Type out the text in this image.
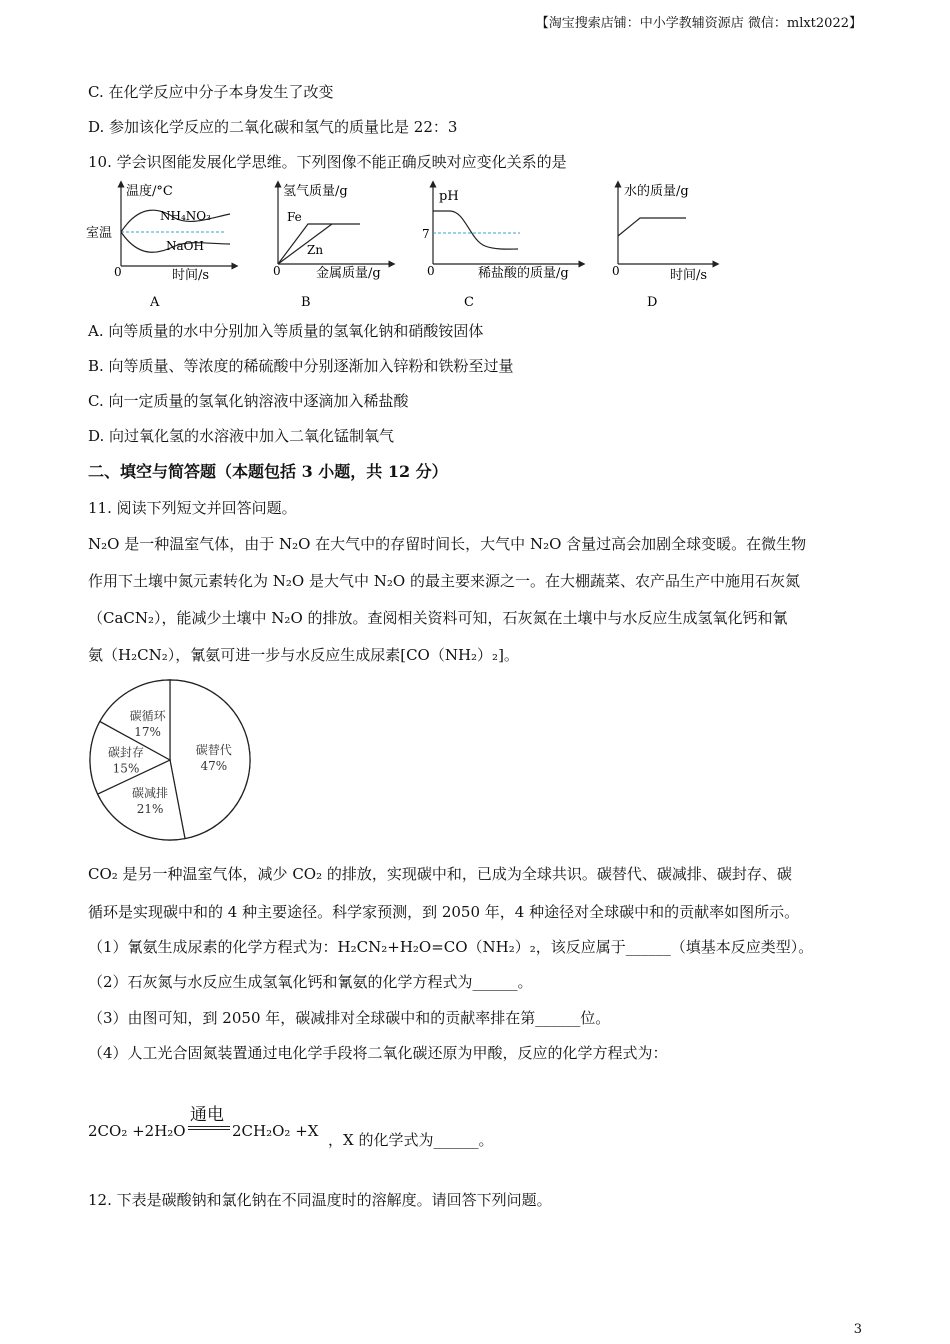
【淘宝搜索店铺：中小学教辅资源店 微信：mlxt2022】
C. 在化学反应中分子本身发生了改变
D. 参加该化学反应的二氧化碳和氢气的质量比是 22：3
10. 学会识图能发展化学思维。下列图像不能正确反映对应变化关系的是
温度/°C
室温
NH₄NO₃
NaOH
0	时间/s
A
氢气质量/g
Fe
Zn
0	金属质量/g
B
pH
7
0	稀盐酸的质量/g
C
水的质量/g
0	时间/s
D
A. 向等质量的水中分别加入等质量的氢氧化钠和硝酸铵固体
B. 向等质量、等浓度的稀硫酸中分别逐渐加入锌粉和铁粉至过量
C. 向一定质量的氢氧化钠溶液中逐滴加入稀盐酸
D. 向过氧化氢的水溶液中加入二氧化锰制氧气
二、填空与简答题（本题包括 3 小题，共 12 分）
11. 阅读下列短文并回答问题。
N₂O 是一种温室气体，由于 N₂O 在大气中的存留时间长，大气中 N₂O 含量过高会加剧全球变暖。在微生物
作用下土壤中氮元素转化为 N₂O 是大气中 N₂O 的最主要来源之一。在大棚蔬菜、农产品生产中施用石灰氮
（CaCN₂），能减少土壤中 N₂O 的排放。查阅相关资料可知，石灰氮在土壤中与水反应生成氢氧化钙和氰
氨（H₂CN₂），氰氨可进一步与水反应生成尿素[CO（NH₂）₂]。
碳替代
47%
碳减排
21%
碳封存
15%
碳循环
17%
CO₂ 是另一种温室气体，减少 CO₂ 的排放，实现碳中和，已成为全球共识。碳替代、碳减排、碳封存、碳
循环是实现碳中和的 4 种主要途径。科学家预测，到 2050 年，4 种途径对全球碳中和的贡献率如图所示。
（1）氰氨生成尿素的化学方程式为：H₂CN₂+H₂O=CO（NH₂）₂，该反应属于______（填基本反应类型）。
（2）石灰氮与水反应生成氢氧化钙和氰氨的化学方程式为______。
（3）由图可知，到 2050 年，碳减排对全球碳中和的贡献率排在第______位。
（4）人工光合固氮装置通过电化学手段将二氧化碳还原为甲酸，反应的化学方程式为：
2CO₂ +2H₂O
通电
2CH₂O₂ +X ，X 的化学式为______。
12. 下表是碳酸钠和氯化钠在不同温度时的溶解度。请回答下列问题。
3
